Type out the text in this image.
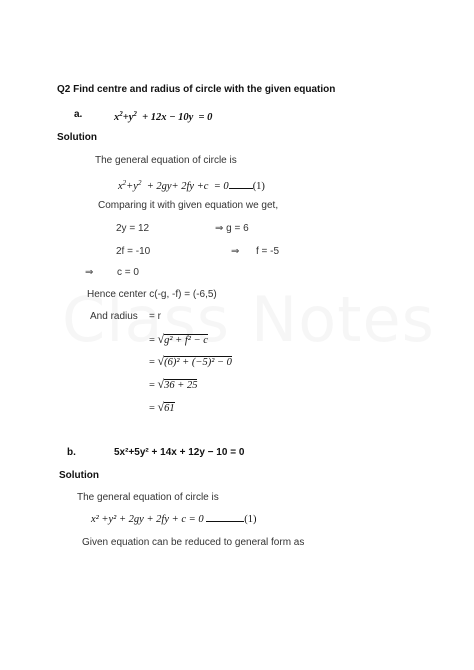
Q2 Find centre and radius of circle with the given equation
a.	$x^2+y^2 + 12x - 10y = 0$
Solution
The general equation of circle is
$x^2+y^2 + 2gy+ 2fy +c = 0$ (1)
Comparing it with given equation we get,
2y = 12	⇒ g = 6
2f = -10	⇒ f = -5
⇒ c = 0
Hence center c(-g, -f) = (-6,5)
And radius = r
= √g² + f² − c
= √(6)² + (−5)² − 0
= √36 + 25
= √61
b.	5x²+5y² + 14x + 12y − 10 = 0
Solution
The general equation of circle is
x² +y² + 2gy + 2fy + c = 0	(1)
Given equation can be reduced to general form as
